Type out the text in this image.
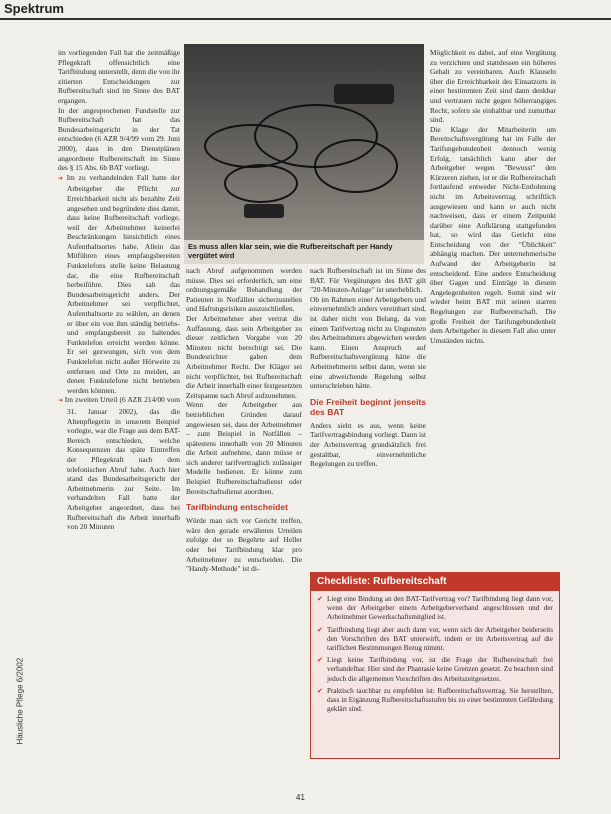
Spektrum
Häusliche Pflege 6/2002

im vorliegenden Fall hat die zeitmäßige Pflegekraft offensichtlich eine Tarifbindung unterstellt, denn die von ihr zitierten Entscheidungen zur Rufbereitschaft sind im Sinne des BAT ergangen.

In der angesprochenen Fundstelle zur Rufbereitschaft hat das Bundesarbeitsgericht in der Tat entschieden (6 AZR 9/4/99 vom 29. Juni 2000), dass in den Dienstplänen angeordnete Rufbereitschaft im Sinne des § 15 Abs. 6b BAT vorliegt.

➜ Im zu verhandelnden Fall hatte der Arbeitgeber die Pflicht zur Erreichbarkeit nicht als bezahlte Zeit angesehen und begründete dies damit, dass keine Rufbereitschaft vorliege, weil der Arbeitnehmer keinerlei Beschränkungen hinsichtlich eines Aufenthaltsortes habe. Allein das Mitführen eines empfangsbereiten Funktelefons stelle keine Belastung dar, die eine Rufbereitschaft herbeiführe. Dies sah das Bundesarbeitsgericht anders. Der Arbeitnehmer sei verpflichtet, Aufenthaltsorte zu wählen, an denen er über ein von ihm ständig betriebs- und empfangsbereit zu haltendes Funktelefon erreicht werden könne. Er sei gezwungen, sich von dem Funktelefon nicht außer Hörweite zu entfernen und Orte zu meiden, an denen Funktelefone nicht betrieben werden könnten.
➜ Im zweiten Urteil (6 AZR 214/00 vom 31. Januar 2002), das die Altenpflegerin in unserem Beispiel vorlegte, war die Frage aus dem BAT-Bereich entschieden, welche Konsequenzen das späte Eintreffen der Pflegekraft nach dem telefonischen Abruf habe. Auch hier stand das Bundesarbeitsgericht der Arbeitnehmerin zur Seite. Im verhandelten Fall hatte der Arbeitgeber angeordnet, dass bei Rufbereitschaft die Arbeit innerhalb von 20 Minuten
Es muss allen klar sein, wie die Rufbereitschaft per Handy vergütet wird

nach Abruf aufgenommen werden müsse. Dies sei erforderlich, um eine ordnungsgemäße Behandlung der Patienten in Notfällen sicherzustellen und Haftungsrisiken auszuschließen.

Der Arbeitnehmer aber vertrat die Auffassung, dass sein Arbeitgeber zu dieser zeitlichen Vorgabe von 20 Minuten nicht berechtigt sei. Die Bundesrichter gaben dem Arbeitnehmer Recht. Der Kläger sei nicht verpflichtet, bei Rufbereitschaft die Arbeit innerhalb einer festgesetzten Zeitspanne nach Abruf aufzunehmen.

Wenn der Arbeitgeber aus betrieblichen Gründen darauf angewiesen sei, dass der Arbeitnehmer – zum Beispiel in Notfällen – spätestens innerhalb von 20 Minuten die Arbeit aufnehme, dann müsse er sich anderer tarifvertraglich zulässiger Modelle bedienen. Er könne zum Beispiel Rufbereitschaftsdienst oder Bereitschaftsdienst anordnen.

Tarifbindung entscheidet

Würde man sich vor Gericht treffen, wäre den gerade erwähnten Urteilen zufolge der so Begehrte auf Heller oder bei Tarifbindung klar pro Arbeitnehmer zu entscheiden. Die "Handy-Methode" ist di-

nach Rufbereitschaft ist im Sinne des BAT. Für Vergütungen des BAT gilt "20-Minuten-Anlage" ist unerheblich.

Ob im Rahmen einer Arbeitgebers und einvernehmlich anders vereinbart sind, ist daher nicht von Belang, da von einem Tarifvertrag nicht zu Ungunsten des Arbeitnehmers abgewichen werden kann. Einen Anspruch auf Rufbereitschaftsvergütung hätte die Arbeitnehmerin selbst dann, wenn sie eine abweichende Regelung selbst unterschrieben hätte.

Die Freiheit beginnt jenseits des BAT

Anders sieht es aus, wenn keine Tarifvertragsbindung vorliegt. Dann ist der Arbeitsvertrag grundsätzlich frei gestaltbar, einvernehmliche Regelungen zu treffen.

Möglichkeit es dabei, auf eine Vergütung zu verzichten und stattdessen ein höheres Gehalt zu vereinbaren. Auch Klauseln über die Erreichbarkeit des Einsatzorts in einer bestimmten Zeit sind dann denkbar und vertrauen nicht gegen höherrangiges Recht, sofern sie einhaltbar und zumutbar sind.

Die Klage der Mitarbeiterin um Bereitschaftsvergütung hat im Falle der Tarifungebundenheit dennoch wenig Erfolg, tatsächlich kann aber der Arbeitgeber wegen "Bewusst" den Kürzeren ziehen, ist er die Rufbereitschaft fortlaufend entweder Nicht-Entlohnung nicht im Arbeitsvertrag schriftlich ausgewiesen und kann er auch nicht nachweisen, dass er einem Zeitpunkt darüber eine Aufklärung stattgefunden hat, so wird das Gericht eine Entscheidung von der "Üblichkeit" abhängig machen. Der unternehmerische Aufwand der Arbeitgeberin ist entscheidend. Eine andere Entscheidung über Gagen und Einträge in diesem Angelegenheiten regelt. Somit sind wir wieder beim BAT mit seinen starren Regelungen zur Rufbereitschaft. Die große Freiheit der Tarifungebundenheit dem Arbeitgeber in diesem Fall also unter Umständen nichts.

Checkliste: Rufbereitschaft
✔ Liegt eine Bindung an den BAT-Tarifvertrag vor? Tarifbindung liegt dann vor, wenn der Arbeitgeber einem Arbeitgeberverband angeschlossen und der Arbeitnehmer Gewerkschaftsmitglied ist.
✔ Tarifbindung liegt aber auch dann vor, wenn sich der Arbeitgeber beiderseits den Vorschriften des BAT unterwirft, indem er im Arbeitsvertrag auf die tariflichen Bestimmungen Bezug nimmt.
✔ Liegt keine Tarifbindung vor, ist die Frage der Rufbereitschaft frei verhandelbar. Hier sind der Phantasie keine Grenzen gesetzt. Zu beachten sind jedoch die allgemeinen Vorschriften des Arbeitszeitgesetzes.
✔ Praktisch tauchbar zu empfehlen ist: Rufbereitschaftsvertrag. Sie herstellten, dass in Ergänzung Rufbereitschaftsstufen bis zu einer bestimmten Gefährdung geklärt sind.
41
